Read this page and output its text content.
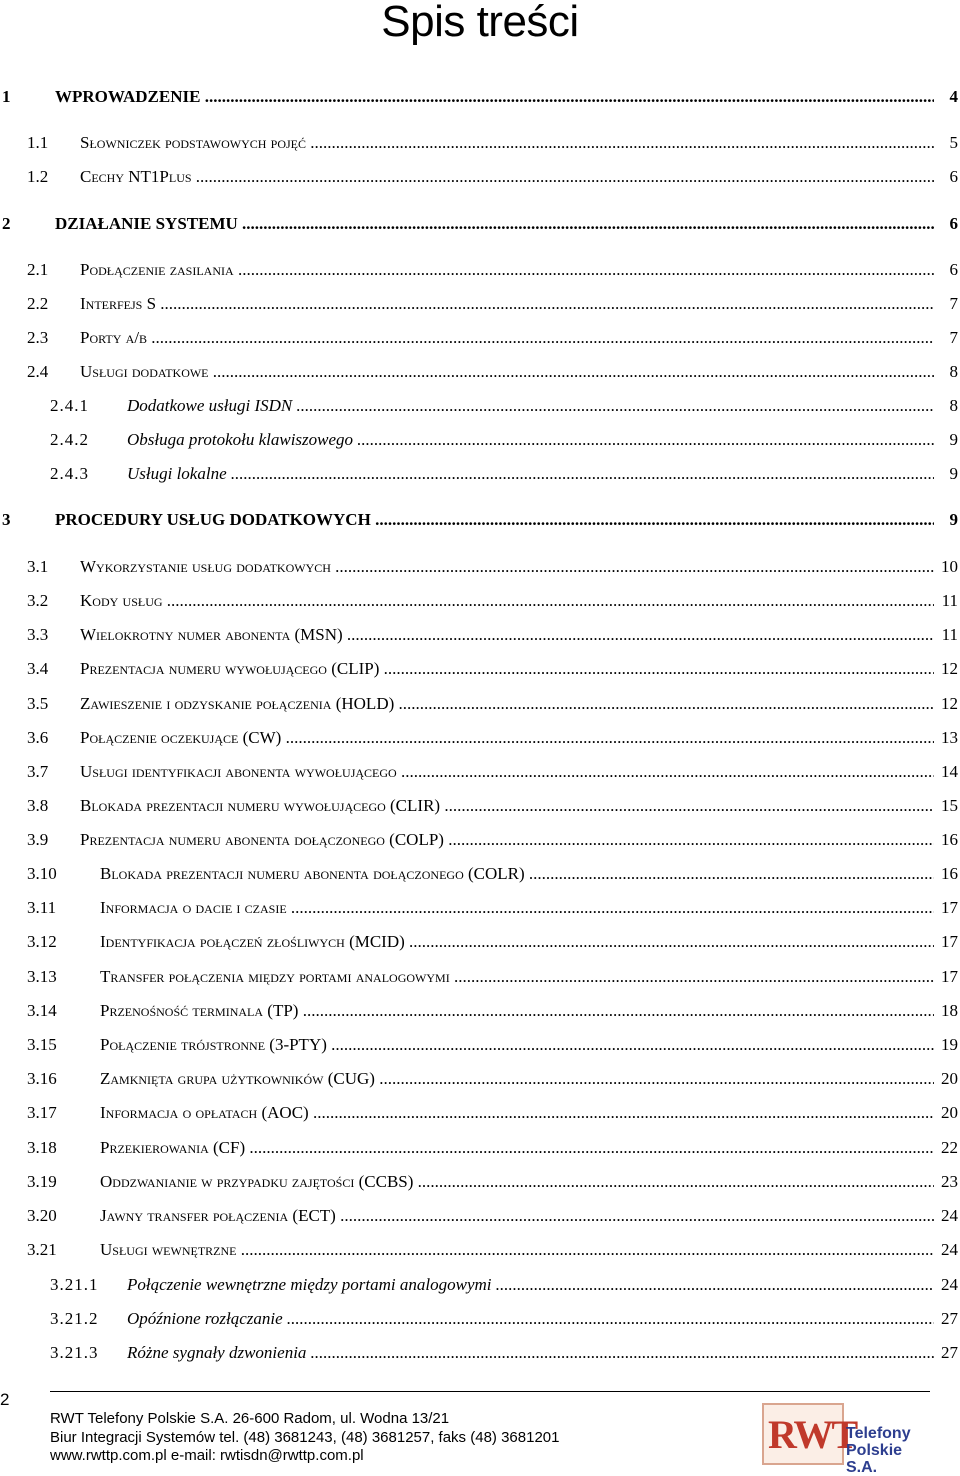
Spis treści
1	WPROWADZENIE .....	4
1.1 Słowniczek podstawowych pojęć .....	5
1.2 Cechy NT1Plus .....	6
2	DZIAŁANIE SYSTEMU .....	6
2.1 Podłączenie zasilania .....	6
2.2 Interfejs S .....	7
2.3 Porty a/b .....	7
2.4 Usługi dodatkowe .....	8
2.4.1 Dodatkowe usługi ISDN .....	8
2.4.2 Obsługa protokołu klawiszowego .....	9
2.4.3 Usługi lokalne .....	9
3	PROCEDURY USŁUG DODATKOWYCH .....	9
3.1 Wykorzystanie usług dodatkowych .....	10
3.2 Kody usług .....	11
3.3 Wielokrotny numer abonenta (MSN) .....	11
3.4 Prezentacja numeru wywołującego (CLIP) .....	12
3.5 Zawieszenie i odzyskanie połączenia (HOLD) .....	12
3.6 Połączenie oczekujące (CW) .....	13
3.7 Usługi identyfikacji abonenta wywołującego .....	14
3.8 Blokada prezentacji numeru wywołującego (CLIR) .....	15
3.9 Prezentacja numeru abonenta dołączonego (COLP) .....	16
3.10	Blokada prezentacji numeru abonenta dołączonego (COLR) .....	16
3.11	Informacja o dacie i czasie .....	17
3.12	Identyfikacja połączeń złośliwych (MCID) .....	17
3.13	Transfer połączenia między portami analogowymi .....	17
3.14	Przenośność terminala (TP) .....	18
3.15	Połączenie trójstronne (3-PTY) .....	19
3.16	Zamknięta grupa użytkowników (CUG) .....	20
3.17	Informacja o opłatach (AOC) .....	20
3.18	Przekierowania (CF) .....	22
3.19	Oddzwanianie w przypadku zajętości (CCBS) .....	23
3.20	Jawny transfer połączenia (ECT) .....	24
3.21	Usługi wewnętrzne .....	24
3.21.1 Połączenie wewnętrzne między portami analogowymi .....	24
3.21.2 Opóźnione rozłączanie .....	27
3.21.3 Różne sygnały dzwonienia .....	27
2
RWT Telefony Polskie S.A. 26-600 Radom, ul. Wodna 13/21
Biur Integracji Systemów tel. (48) 3681243, (48) 3681257, faks (48) 3681201
www.rwttp.com.pl e-mail: rwtisdn@rwttp.com.pl	RWT
Telefony
Polskie S.A.
